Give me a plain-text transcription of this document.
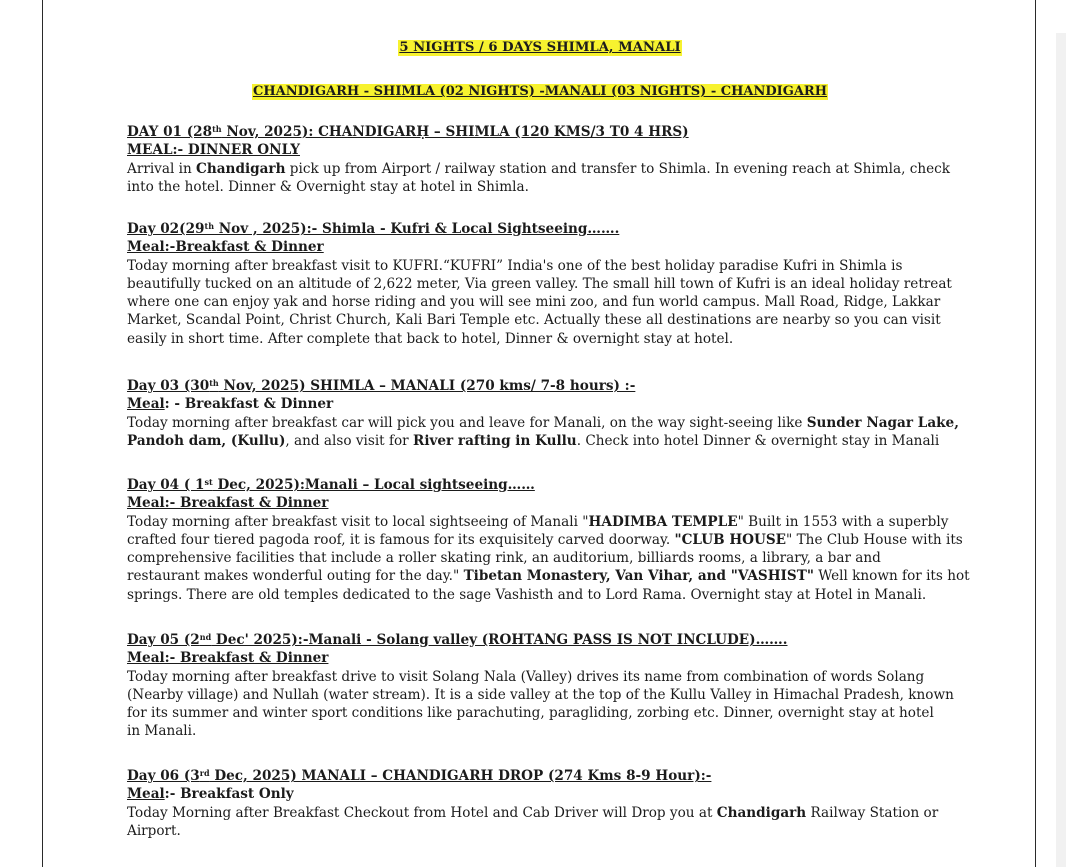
5 NIGHTS / 6 DAYS SHIMLA, MANALI
CHANDIGARH - SHIMLA (02 NIGHTS) -MANALI (03 NIGHTS) - CHANDIGARH
DAY 01 (28th Nov, 2025): CHANDIGARḤ – SHIMLA (120 KMS/3 T0 4 HRS)
MEAL:- DINNER ONLY

Arrival in Chandigarh pick up from Airport / railway station and transfer to Shimla. In evening reach at Shimla, check

into the hotel. Dinner & Overnight stay at hotel in Shimla.

Day 02(29th Nov , 2025):- Shimla - Kufri & Local Sightseeing…….
Meal:-Breakfast & Dinner

Today morning after breakfast visit to KUFRI.“KUFRI” India's one of the best holiday paradise Kufri in Shimla is

beautifully tucked on an altitude of 2,622 meter, Via green valley. The small hill town of Kufri is an ideal holiday retreat

where one can enjoy yak and horse riding and you will see mini zoo, and fun world campus. Mall Road, Ridge, Lakkar

Market, Scandal Point, Christ Church, Kali Bari Temple etc. Actually these all destinations are nearby so you can visit

easily in short time. After complete that back to hotel, Dinner & overnight stay at hotel.

Day 03 (30th Nov, 2025) SHIMLA – MANALI (270 kms/ 7-8 hours) :-
Meal: - Breakfast & Dinner

Today morning after breakfast car will pick you and leave for Manali, on the way sight-seeing like Sunder Nagar Lake,

Pandoh dam, (Kullu), and also visit for River rafting in Kullu. Check into hotel Dinner & overnight stay in Manali

Day 04 ( 1st Dec, 2025):Manali – Local sightseeing……
Meal:- Breakfast & Dinner

Today morning after breakfast visit to local sightseeing of Manali "HADIMBA TEMPLE" Built in 1553 with a superbly

crafted four tiered pagoda roof, it is famous for its exquisitely carved doorway. "CLUB HOUSE" The Club House with its

comprehensive facilities that include a roller skating rink, an auditorium, billiards rooms, a library, a bar and

restaurant makes wonderful outing for the day." Tibetan Monastery, Van Vihar, and "VASHIST" Well known for its hot

springs. There are old temples dedicated to the sage Vashisth and to Lord Rama. Overnight stay at Hotel in Manali.

Day 05 (2nd Dec' 2025):-Manali - Solang valley (ROHTANG PASS IS NOT INCLUDE)…….
Meal:- Breakfast & Dinner

Today morning after breakfast drive to visit Solang Nala (Valley) drives its name from combination of words Solang

(Nearby village) and Nullah (water stream). It is a side valley at the top of the Kullu Valley in Himachal Pradesh, known

for its summer and winter sport conditions like parachuting, paragliding, zorbing etc. Dinner, overnight stay at hotel

in Manali.

Day 06 (3rd Dec, 2025) MANALI – CHANDIGARH DROP (274 Kms 8-9 Hour):-
Meal:- Breakfast Only

Today Morning after Breakfast Checkout from Hotel and Cab Driver will Drop you at Chandigarh Railway Station or

Airport.
